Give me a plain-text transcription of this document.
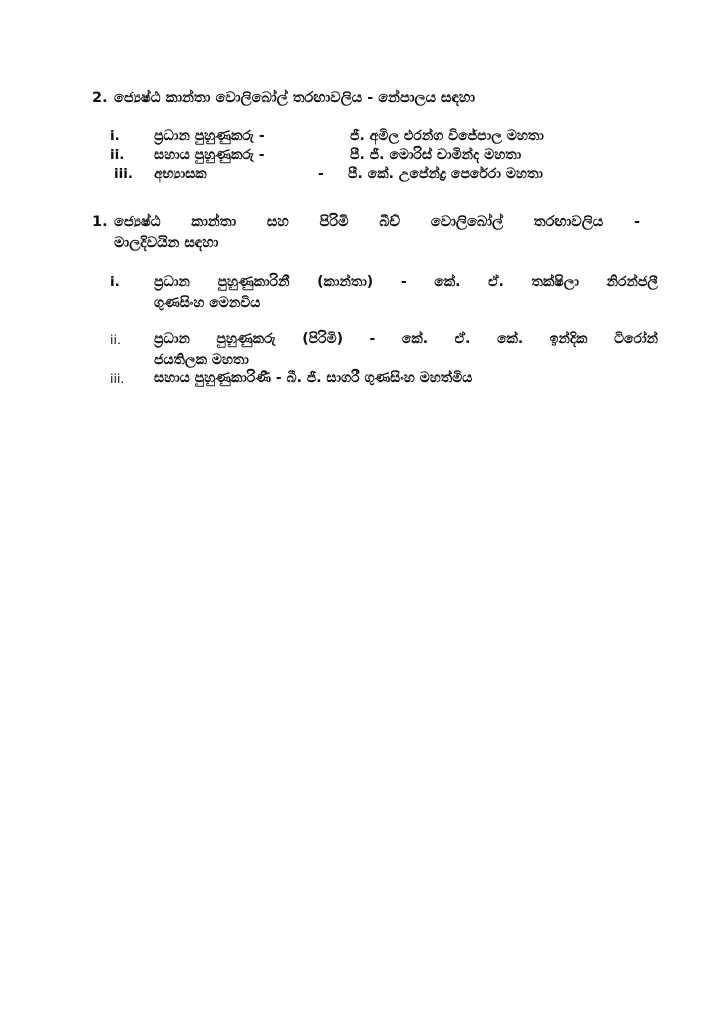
2. ජ්‍යෙෂ්ඨ කාන්තා වොලිබෝල් තරඟාවලිය - නේපාලය සඳහා
i. ප්‍රධාන පුහුණුකරු -	ජී. අමිල එරන්ග විජේපාල මහතා
ii. සහාය පුහුණුකරු -	පී. ජී. මොරිස් චාමින්ද මහතා
iii. අභ්‍යාසක	- පී. කේ. උපේන්ද්‍ර පෙරේරා මහතා
1. ජ්‍යෙෂ්ඨ කාන්තා සහ පිරිමි බීච් වොලිබෝල් තරඟාවලිය -
මාලදිවයින සඳහා
i. ප්‍රධාන පුහුණුකාරිනී (කාන්තා) - කේ. ඒ. තක්ෂිලා නිරන්ජලී
ගුණසිංහ මෙනවිය
ii. ප්‍රධාන පුහුණුකරු (පිරිමි) - කේ. ඒ. කේ. ඉන්දික ටිරෝන්
ජයතිලක මහතා
iii. සහාය පුහුණුකාරිණී - බී. ජී. සාගරී ගුණසිංහ මහත්මිය
